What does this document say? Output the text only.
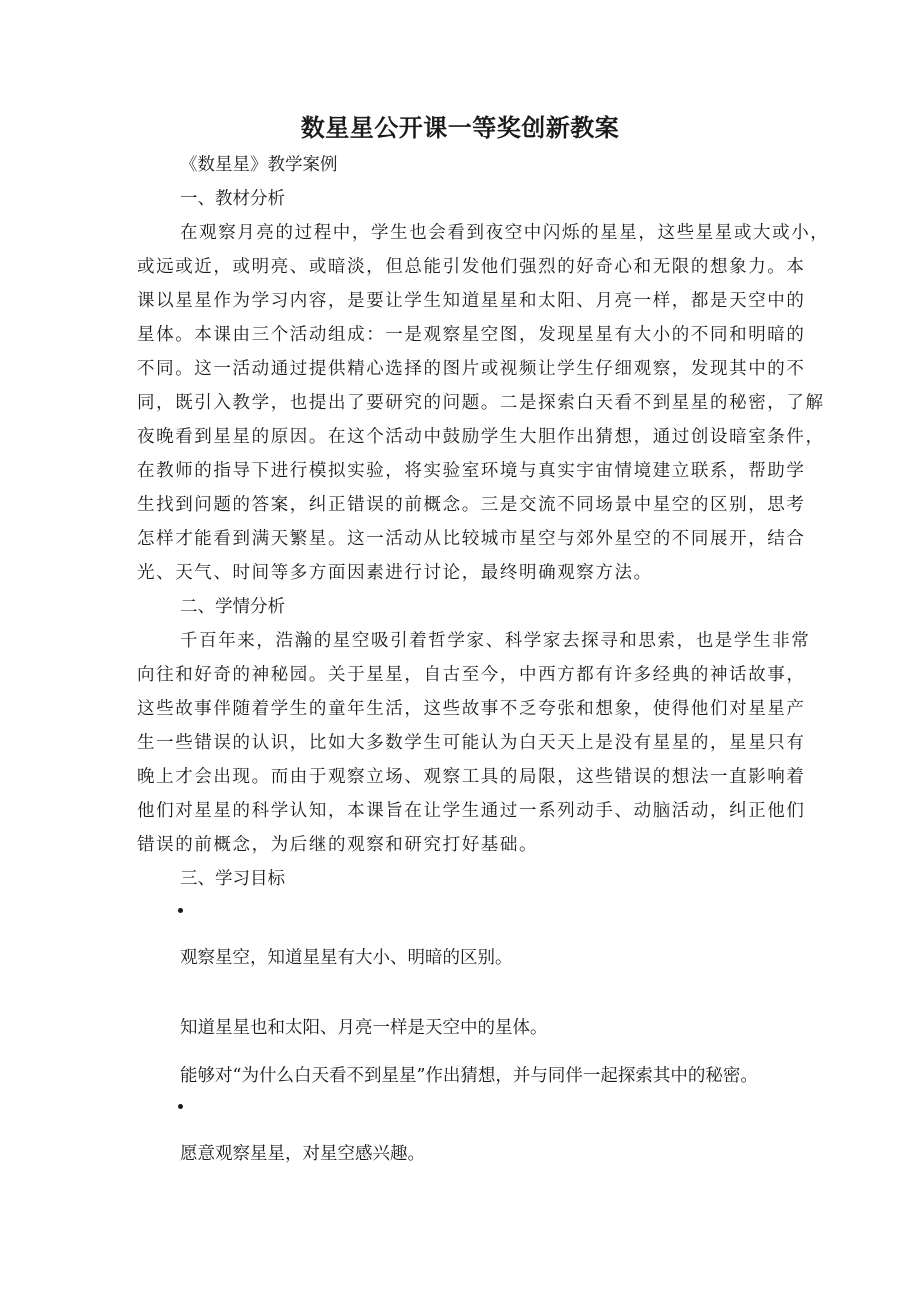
数星星公开课一等奖创新教案
《数星星》教学案例
一、教材分析
在观察月亮的过程中，学生也会看到夜空中闪烁的星星，这些星星或大或小，
或远或近，或明亮、或暗淡，但总能引发他们强烈的好奇心和无限的想象力。本
课以星星作为学习内容，是要让学生知道星星和太阳、月亮一样，都是天空中的
星体。本课由三个活动组成：一是观察星空图，发现星星有大小的不同和明暗的
不同。这一活动通过提供精心选择的图片或视频让学生仔细观察，发现其中的不
同，既引入教学，也提出了要研究的问题。二是探索白天看不到星星的秘密，了解
夜晚看到星星的原因。在这个活动中鼓励学生大胆作出猜想，通过创设暗室条件，
在教师的指导下进行模拟实验，将实验室环境与真实宇宙情境建立联系，帮助学
生找到问题的答案，纠正错误的前概念。三是交流不同场景中星空的区别，思考
怎样才能看到满天繁星。这一活动从比较城市星空与郊外星空的不同展开，结合
光、天气、时间等多方面因素进行讨论，最终明确观察方法。
二、学情分析
千百年来，浩瀚的星空吸引着哲学家、科学家去探寻和思索，也是学生非常
向往和好奇的神秘园。关于星星，自古至今，中西方都有许多经典的神话故事，
这些故事伴随着学生的童年生活，这些故事不乏夸张和想象，使得他们对星星产
生一些错误的认识，比如大多数学生可能认为白天天上是没有星星的，星星只有
晚上才会出现。而由于观察立场、观察工具的局限，这些错误的想法一直影响着
他们对星星的科学认知，本课旨在让学生通过一系列动手、动脑活动，纠正他们
错误的前概念，为后继的观察和研究打好基础。
三、学习目标
观察星空，知道星星有大小、明暗的区别。
知道星星也和太阳、月亮一样是天空中的星体。
能够对“为什么白天看不到星星”作出猜想，并与同伴一起探索其中的秘密。
愿意观察星星，对星空感兴趣。
